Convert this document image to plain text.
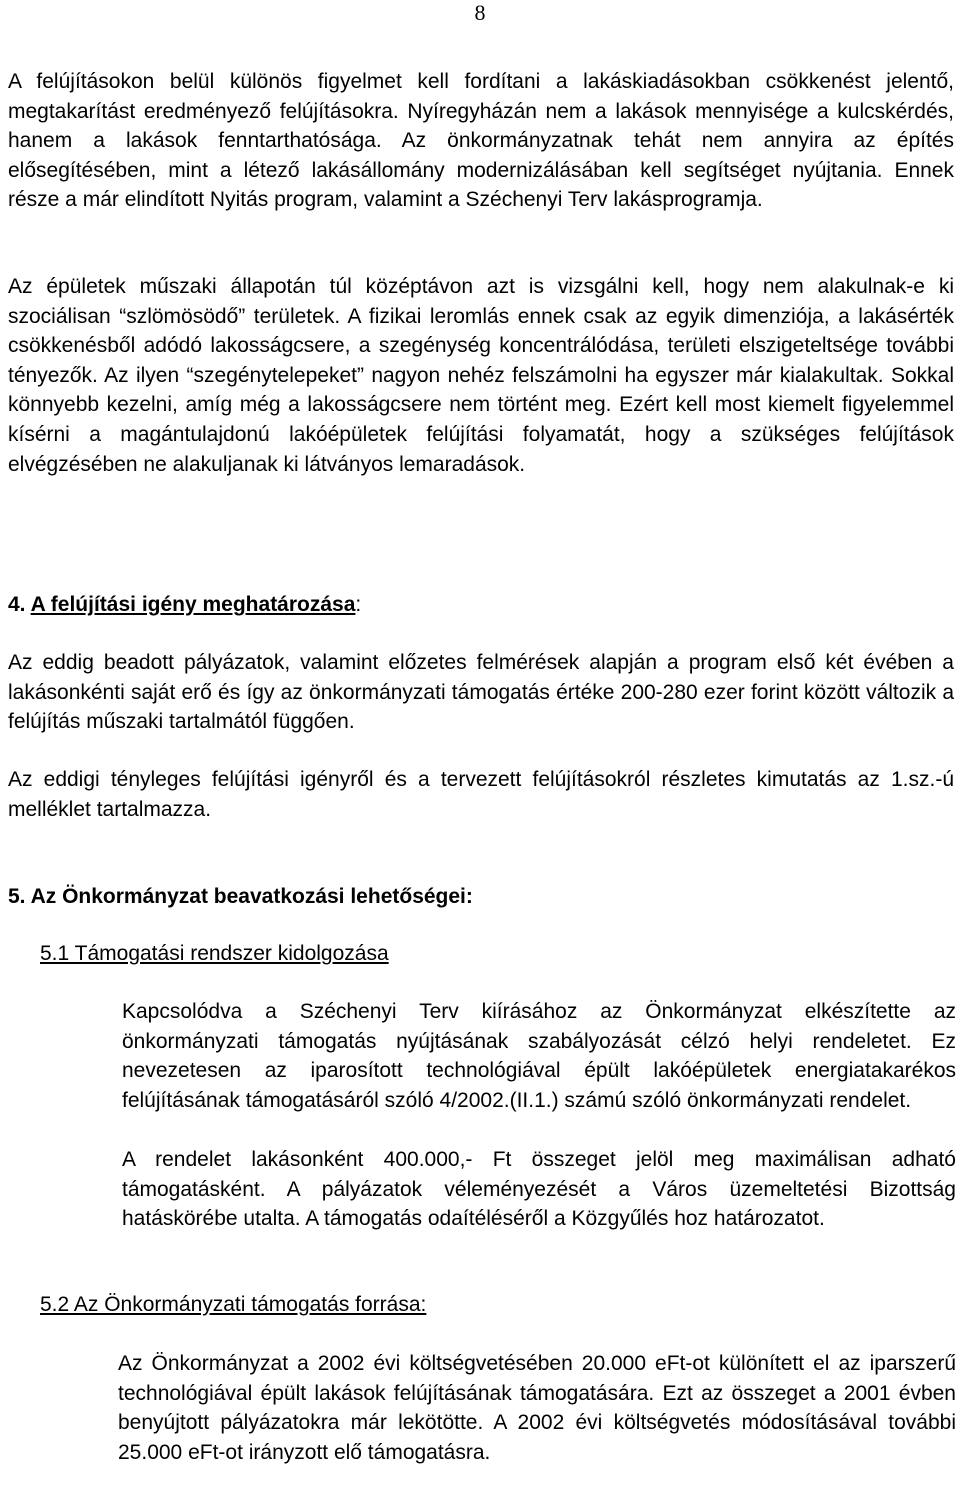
8

A felújításokon belül különös figyelmet kell fordítani a lakáskiadásokban csökkenést jelentő, megtakarítást eredményező felújításokra. Nyíregyházán nem a lakások mennyisége a kulcskérdés, hanem a lakások fenntarthatósága. Az önkormányzatnak tehát nem annyira az építés elősegítésében, mint a létező lakásállomány modernizálásában kell segítséget nyújtania. Ennek része a már elindított Nyitás program, valamint a Széchenyi Terv lakásprogramja.

Az épületek műszaki állapotán túl középtávon azt is vizsgálni kell, hogy nem alakulnak-e ki szociálisan “szlömösödő” területek. A fizikai leromlás ennek csak az egyik dimenziója, a lakásérték csökkenésből adódó lakosságcsere, a szegénység koncentrálódása, területi elszigeteltsége további tényezők. Az ilyen “szegénytelepeket” nagyon nehéz felszámolni ha egyszer már kialakultak. Sokkal könnyebb kezelni, amíg még a lakosságcsere nem történt meg. Ezért kell most kiemelt figyelemmel kísérni a magántulajdonú lakóépületek felújítási folyamatát, hogy a szükséges felújítások elvégzésében ne alakuljanak ki látványos lemaradások.

4. A felújítási igény meghatározása:

Az eddig beadott pályázatok, valamint előzetes felmérések alapján a program első két évében a lakásonkénti saját erő és így az önkormányzati támogatás értéke 200-280 ezer forint között változik a felújítás műszaki tartalmától függően.

Az eddigi tényleges felújítási igényről és a tervezett felújításokról részletes kimutatás az 1.sz.-ú melléklet tartalmazza.

5. Az Önkormányzat beavatkozási lehetőségei:
5.1 Támogatási rendszer kidolgozása

Kapcsolódva a Széchenyi Terv kiírásához az Önkormányzat elkészítette az önkormányzati támogatás nyújtásának szabályozását célzó helyi rendeletet. Ez nevezetesen az iparosított technológiával épült lakóépületek energiatakarékos felújításának támogatásáról szóló 4/2002.(II.1.) számú szóló önkormányzati rendelet.

A rendelet lakásonként 400.000,- Ft összeget jelöl meg maximálisan adható támogatásként. A pályázatok véleményezését a Város üzemeltetési Bizottság hatáskörébe utalta. A támogatás odaítéléséről a Közgyűlés hoz határozatot.

5.2 Az Önkormányzati támogatás forrása:

Az Önkormányzat a 2002 évi költségvetésében 20.000 eFt-ot különített el az iparszerű technológiával épült lakások felújításának támogatására. Ezt az összeget a 2001 évben benyújtott pályázatokra már lekötötte. A 2002 évi költségvetés módosításával további 25.000 eFt-ot irányzott elő támogatásra.
